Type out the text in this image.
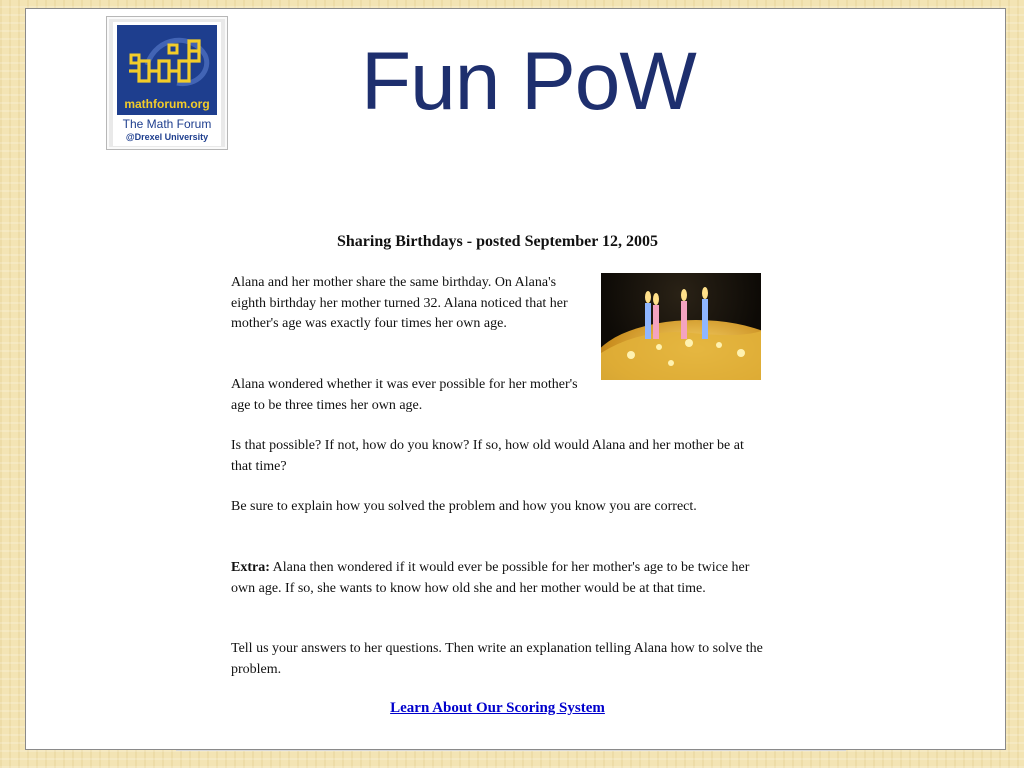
mathforum.org
The Math Forum
@Drexel University
Fun PoW
Sharing Birthdays - posted September 12, 2005

Alana and her mother share the same birthday. On Alana's eighth birthday her mother turned 32. Alana noticed that her mother's age was exactly four times her own age.

Alana wondered whether it was ever possible for her mother's age to be three times her own age.

Is that possible? If not, how do you know? If so, how old would Alana and her mother be at that time?

Be sure to explain how you solved the problem and how you know you are correct.

Extra: Alana then wondered if it would ever be possible for her mother's age to be twice her own age. If so, she wants to know how old she and her mother would be at that time.

Tell us your answers to her questions. Then write an explanation telling Alana how to solve the problem.

Learn About Our Scoring System
